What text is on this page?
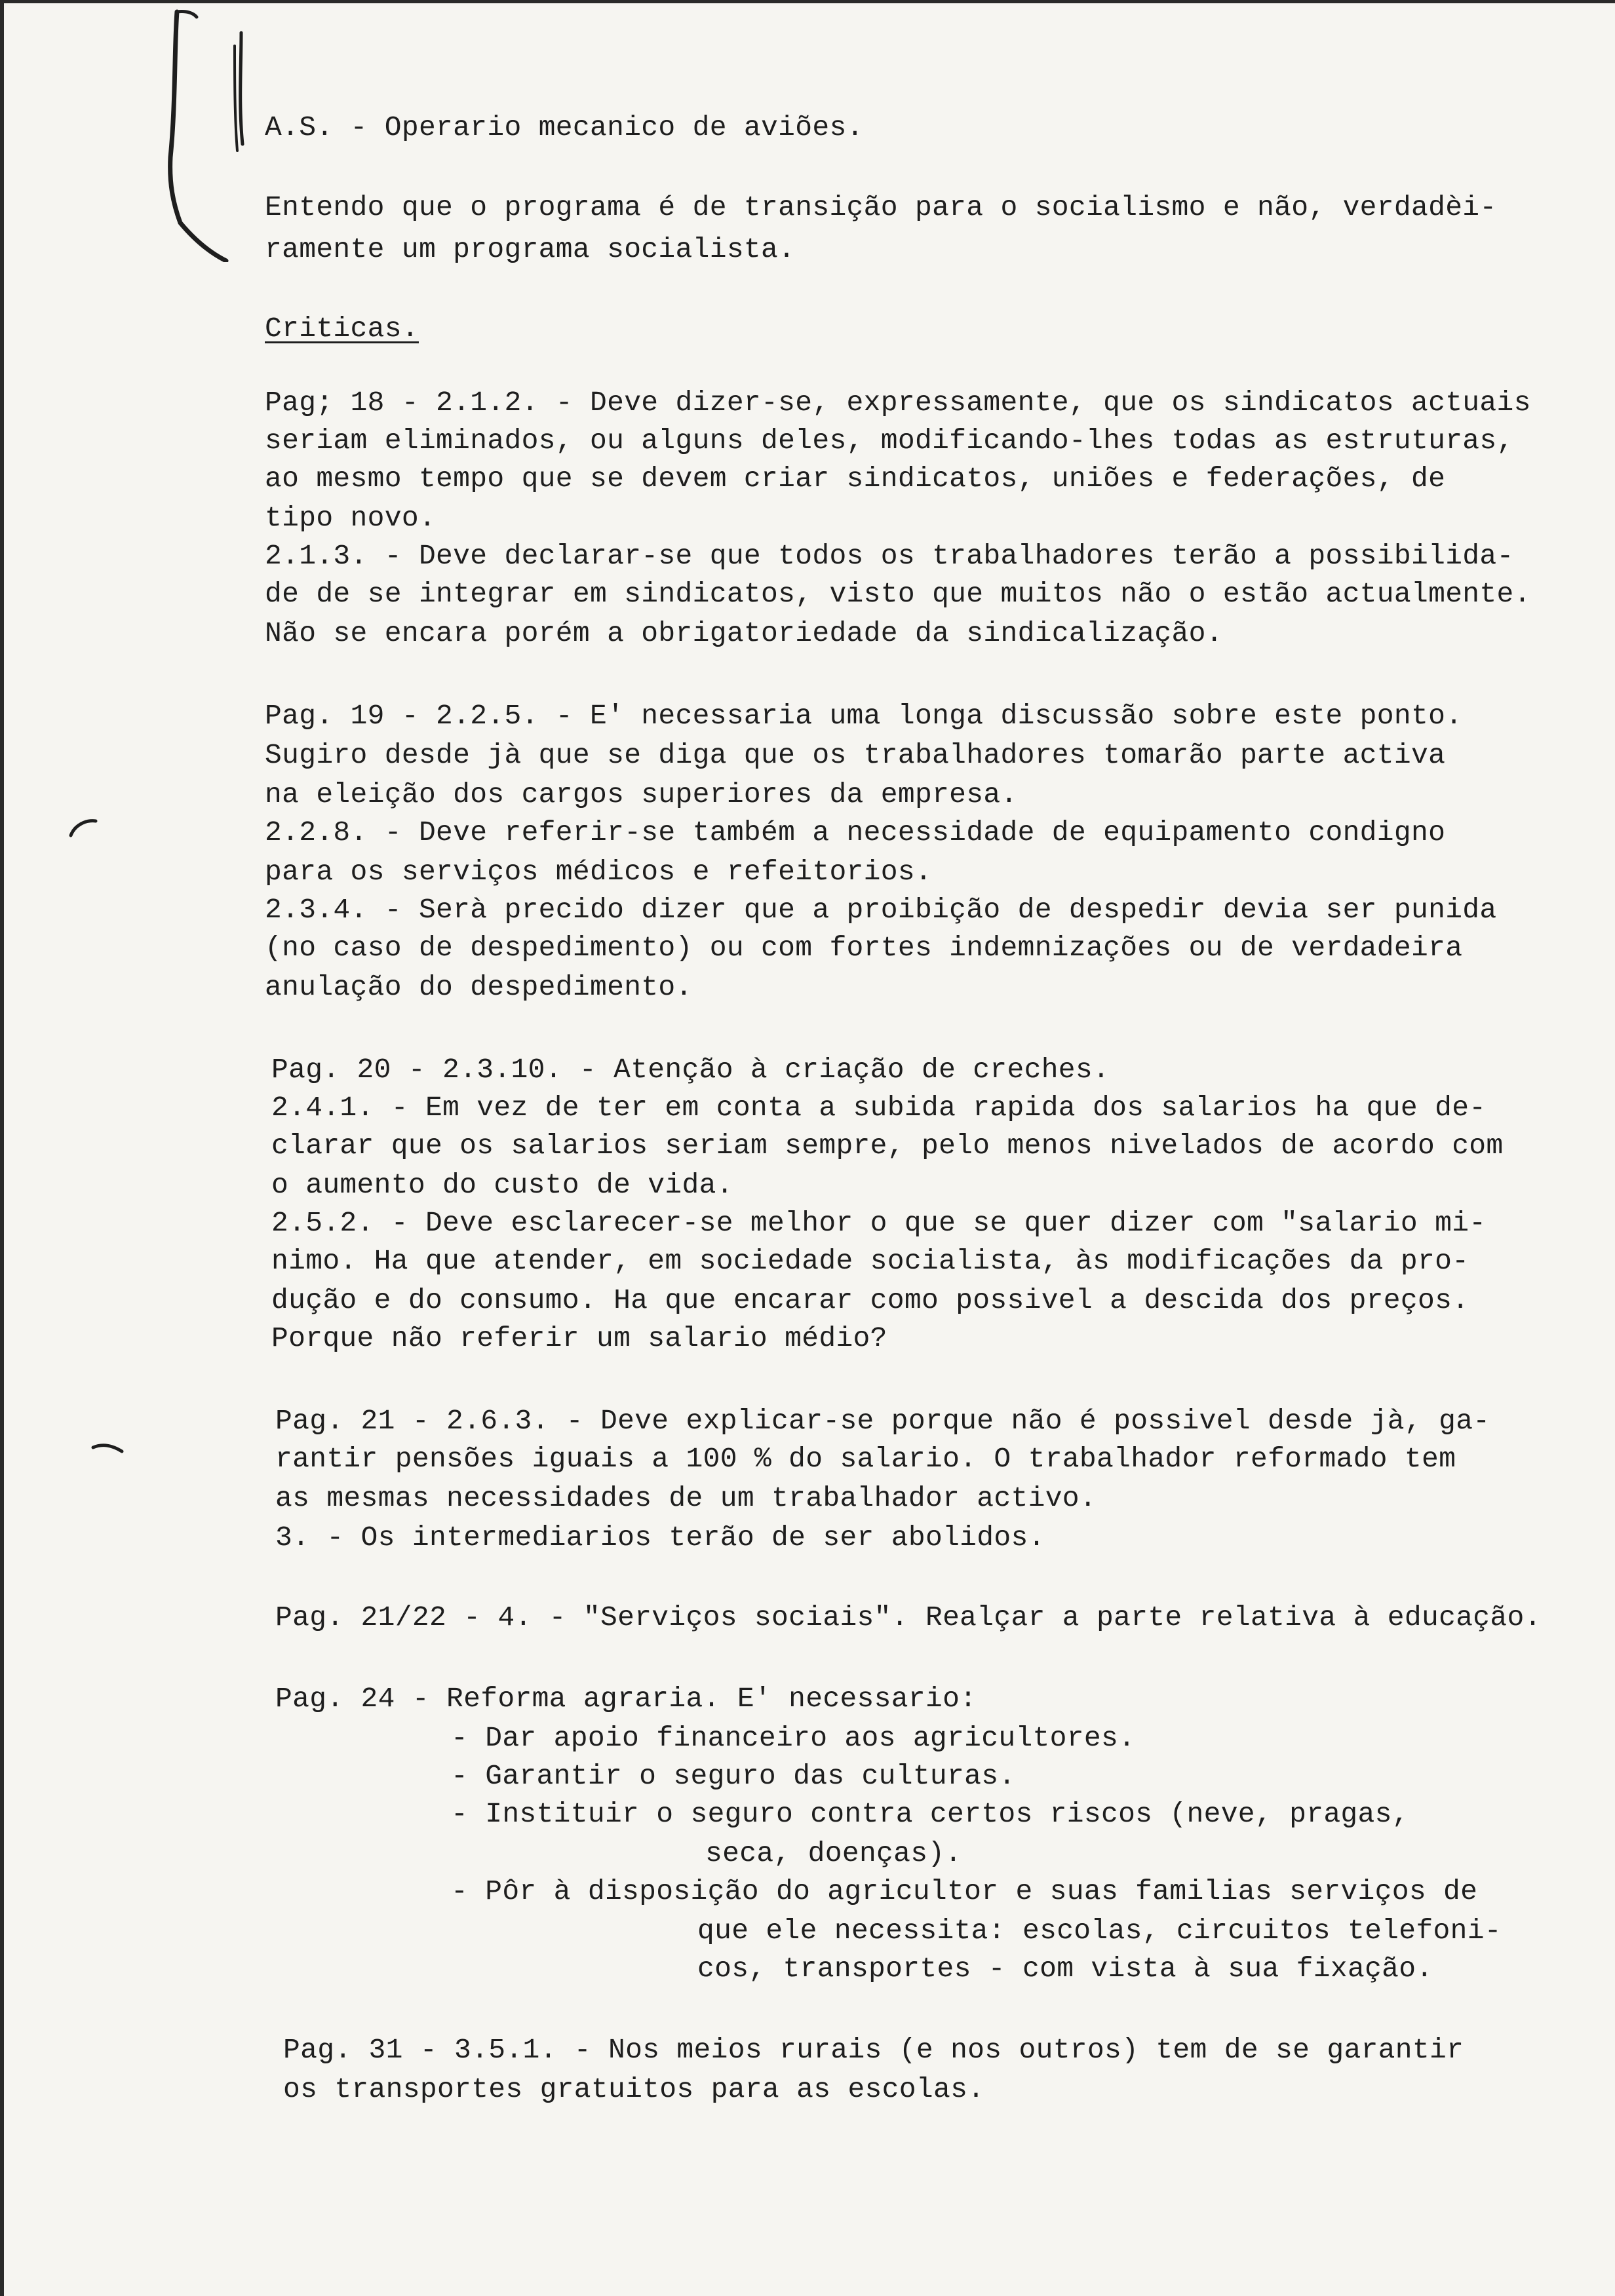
A.S. - Operario mecanico de aviões.
Entendo que o programa é de transição para o socialismo e não, verdadèi-
ramente um programa socialista.
Criticas.
Pag; 18 - 2.1.2. - Deve dizer-se, expressamente, que os sindicatos actuais
seriam eliminados, ou alguns deles, modificando-lhes todas as estruturas,
ao mesmo tempo que se devem criar sindicatos, uniões e federações, de
tipo novo.
2.1.3. - Deve declarar-se que todos os trabalhadores terão a possibilida-
de de se integrar em sindicatos, visto que muitos não o estão actualmente.
Não se encara porém a obrigatoriedade da sindicalização.
Pag. 19 - 2.2.5. - E' necessaria uma longa discussão sobre este ponto.
Sugiro desde jà que se diga que os trabalhadores tomarão parte activa
na eleição dos cargos superiores da empresa.
2.2.8. - Deve referir-se também a necessidade de equipamento condigno
para os serviços médicos e refeitorios.
2.3.4. - Serà precido dizer que a proibição de despedir devia ser punida
(no caso de despedimento) ou com fortes indemnizações ou de verdadeira
anulação do despedimento.
Pag. 20 - 2.3.10. - Atenção à criação de creches.
2.4.1. - Em vez de ter em conta a subida rapida dos salarios ha que de-
clarar que os salarios seriam sempre, pelo menos nivelados de acordo com
o aumento do custo de vida.
2.5.2. - Deve esclarecer-se melhor o que se quer dizer com "salario mi-
nimo. Ha que atender, em sociedade socialista, às modificações da pro-
dução e do consumo. Ha que encarar como possivel a descida dos preços.
Porque não referir um salario médio?
Pag. 21 - 2.6.3. - Deve explicar-se porque não é possivel desde jà, ga-
rantir pensões iguais a 100 % do salario. O trabalhador reformado tem
as mesmas necessidades de um trabalhador activo.
3. - Os intermediarios terão de ser abolidos.
Pag. 21/22 - 4. - "Serviços sociais". Realçar a parte relativa à educação.
Pag. 24 - Reforma agraria. E' necessario:
- Dar apoio financeiro aos agricultores.
- Garantir o seguro das culturas.
- Instituir o seguro contra certos riscos (neve, pragas,
seca, doenças).
- Pôr à disposição do agricultor e suas familias serviços de
que ele necessita: escolas, circuitos telefoni-
cos, transportes - com vista à sua fixação.
Pag. 31 - 3.5.1. - Nos meios rurais (e nos outros) tem de se garantir
os transportes gratuitos para as escolas.
